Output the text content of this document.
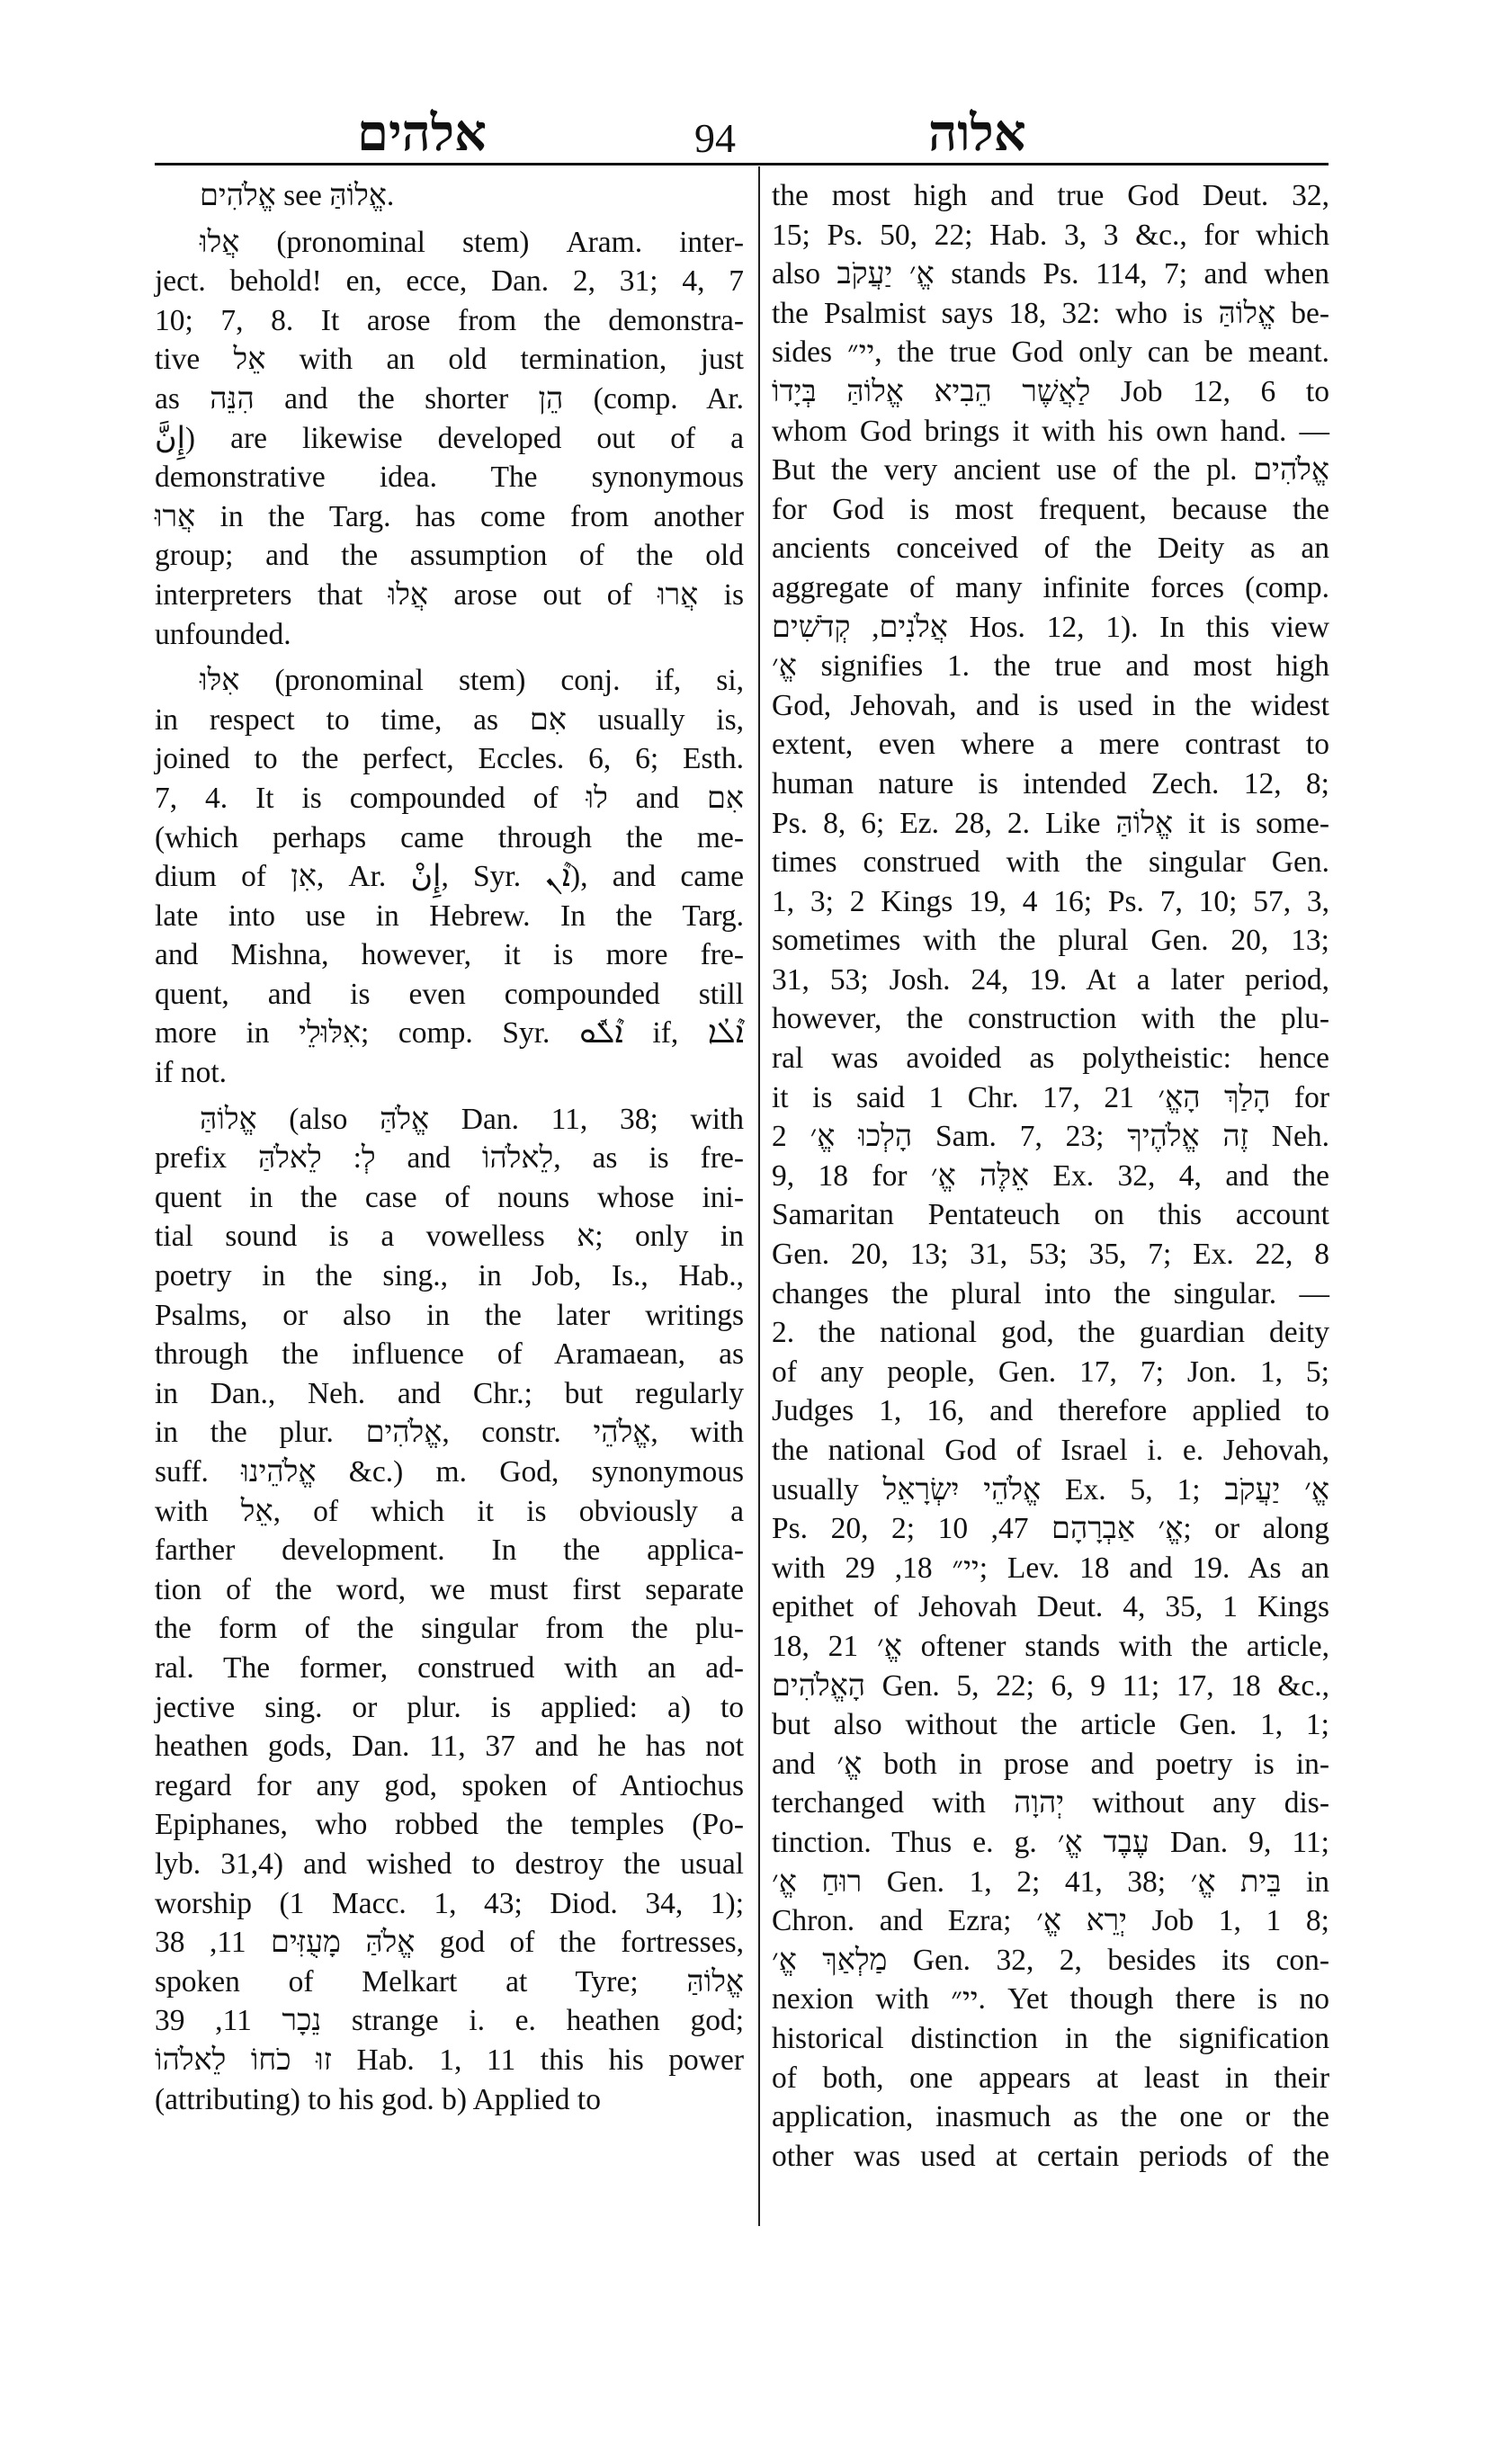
אלהים	94	אלוה
אֱלֹהִים see אֱלוֹהַּ.
אֲלוּ (pronominal stem) Aram. inter-
ject. behold! en, ecce, Dan. 2, 31; 4, 7
10; 7, 8. It arose from the demonstra-
tive אֵל with an old termination, just
as הִנֵּה and the shorter הֵן (comp. Ar.
إِنَّ) are likewise developed out of a
demonstrative idea. The synonymous
אֲרוּ in the Targ. has come from another
group; and the assumption of the old
interpreters that אֲלוּ arose out of אֲרוּ is
unfounded.
אִלּוּ (pronominal stem) conj. if, si,
in respect to time, as אִם usually is,
joined to the perfect, Eccles. 6, 6; Esth.
7, 4. It is compounded of לוּ and אִם
(which perhaps came through the me-
dium of אִן, Ar. إِنْ, Syr. ܐܶܢ), and came
late into use in Hebrew. In the Targ.
and Mishna, however, it is more fre-
quent, and is even compounded still
more in אִלּוּלֵי; comp. Syr. ܐܶܠܽܘ if, ܐܶܠܳܐ
if not.
אֱלוֹהַּ (also אֱלֹהַּ Dan. 11, 38; with
prefix לְ: לֵאלֹהַּ and לֵאלֹהוֹ, as is fre-
quent in the case of nouns whose ini-
tial sound is a vowelless א; only in
poetry in the sing., in Job, Is., Hab.,
Psalms, or also in the later writings
through the influence of Aramaean, as
in Dan., Neh. and Chr.; but regularly
in the plur. אֱלֹהִים, constr. אֱלֹהֵי, with
suff. אֱלֹהֵינוּ &c.) m. God, synonymous
with אֵל, of which it is obviously a
farther development. In the applica-
tion of the word, we must first separate
the form of the singular from the plu-
ral. The former, construed with an ad-
jective sing. or plur. is applied: a) to
heathen gods, Dan. 11, 37 and he has not
regard for any god, spoken of Antiochus
Epiphanes, who robbed the temples (Po-
lyb. 31,4) and wished to destroy the usual
worship (1 Macc. 1, 43; Diod. 34, 1);
אֱלֹהַּ מָעֻזִּים 11, 38 god of the fortresses,
spoken of Melkart at Tyre; אֱלוֹהַּ
נֵכָר 11, 39 strange i. e. heathen god;
זוּ כֹחוֹ לֵאלֹהוֹ Hab. 1, 11 this his power
(attributing) to his god. b) Applied to
the most high and true God Deut. 32,
15; Ps. 50, 22; Hab. 3, 3 &c., for which
also אֱ׳ יַעֲקֹב stands Ps. 114, 7; and when
the Psalmist says 18, 32: who is אֱלוֹהַּ be-
sides יי״, the true God only can be meant.
לַאֲשֶׁר הֵבִיא אֱלוֹהַּ בְּיָדוֹ Job 12, 6 to
whom God brings it with his own hand. —
But the very ancient use of the pl. אֱלֹהִים
for God is most frequent, because the
ancients conceived of the Deity as an
aggregate of many infinite forces (comp.
אֲלֹנִים, קְדֹשִׁים Hos. 12, 1). In this view
אֱ׳ signifies 1. the true and most high
God, Jehovah, and is used in the widest
extent, even where a mere contrast to
human nature is intended Zech. 12, 8;
Ps. 8, 6; Ez. 28, 2. Like אֱלוֹהַּ it is some-
times construed with the singular Gen.
1, 3; 2 Kings 19, 4 16; Ps. 7, 10; 57, 3,
sometimes with the plural Gen. 20, 13;
31, 53; Josh. 24, 19. At a later period,
however, the construction with the plu-
ral was avoided as polytheistic: hence
it is said 1 Chr. 17, 21 הָלַךְ הָאֱ׳ for
הָלְכוּ אֱ׳ 2 Sam. 7, 23; זֶה אֱלֹהֶיךָ Neh.
9, 18 for אֵלֶּה אֱ׳ Ex. 32, 4, and the
Samaritan Pentateuch on this account
Gen. 20, 13; 31, 53; 35, 7; Ex. 22, 8
changes the plural into the singular. —
2. the national god, the guardian deity
of any people, Gen. 17, 7; Jon. 1, 5;
Judges 1, 16, and therefore applied to
the national God of Israel i. e. Jehovah,
usually אֱלֹהֵי יִשְׂרָאֵל Ex. 5, 1; אֱ׳ יַעֲקֹב
Ps. 20, 2; אֱ׳ אַבְרָהָם 47, 10; or along
with יי״ 18, 29; Lev. 18 and 19. As an
epithet of Jehovah Deut. 4, 35, 1 Kings
18, 21 אֱ׳ oftener stands with the article,
הָאֱלֹהִים Gen. 5, 22; 6, 9 11; 17, 18 &c.,
but also without the article Gen. 1, 1;
and אֱ׳ both in prose and poetry is in-
terchanged with יְהוָה without any dis-
tinction. Thus e. g. עֶבֶד אֱ׳ Dan. 9, 11;
רוּחַ אֱ׳ Gen. 1, 2; 41, 38; בֵּית אֱ׳ in
Chron. and Ezra; יְרֵא אֱ׳ Job 1, 1 8;
מַלְאַךְ אֱ׳ Gen. 32, 2, besides its con-
nexion with יי״. Yet though there is no
historical distinction in the signification
of both, one appears at least in their
application, inasmuch as the one or the
other was used at certain periods of the
